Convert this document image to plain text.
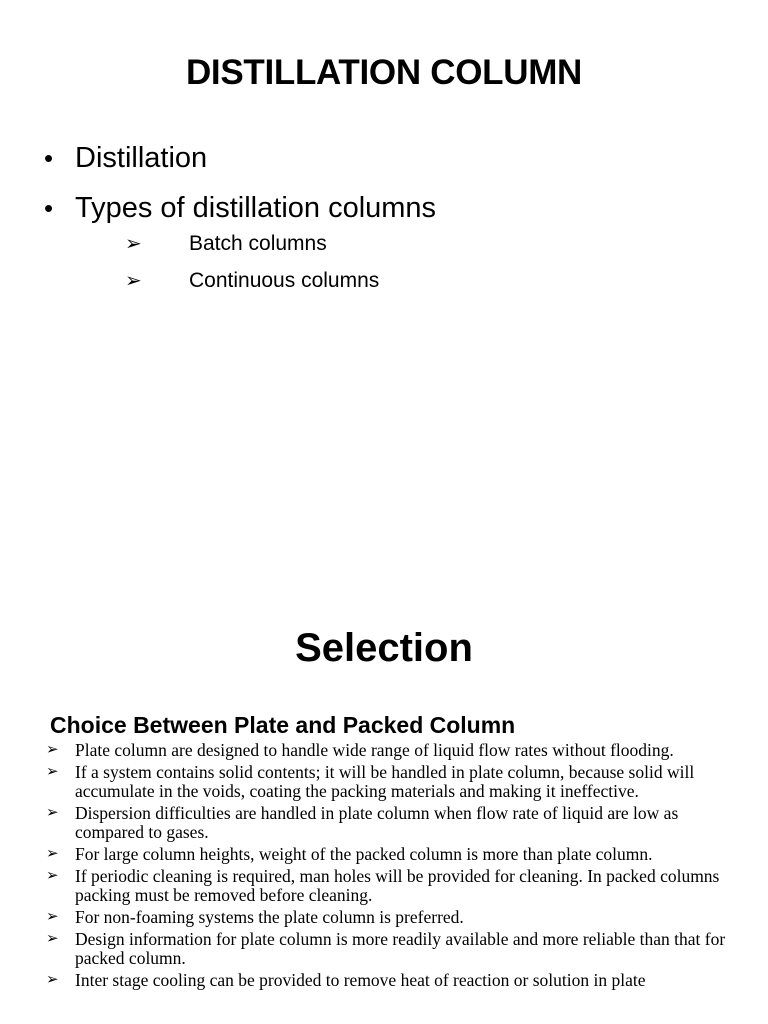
DISTILLATION COLUMN
• Distillation
• Types of distillation columns
➢ Batch columns
➢ Continuous columns
Selection
Choice Between Plate and Packed Column
➢ Plate column are designed to handle wide range of liquid flow rates without flooding.
➢ If a system contains solid contents; it will be handled in plate column, because solid will accumulate in the voids, coating the packing materials and making it ineffective.
➢ Dispersion difficulties are handled in plate column when flow rate of liquid are low as compared to gases.
➢ For large column heights, weight of the packed column is more than plate column.
➢ If periodic cleaning is required, man holes will be provided for cleaning. In packed columns packing must be removed before cleaning.
➢ For non-foaming systems the plate column is preferred.
➢ Design information for plate column is more readily available and more reliable than that for packed column.
➢ Inter stage cooling can be provided to remove heat of reaction or solution in plate
